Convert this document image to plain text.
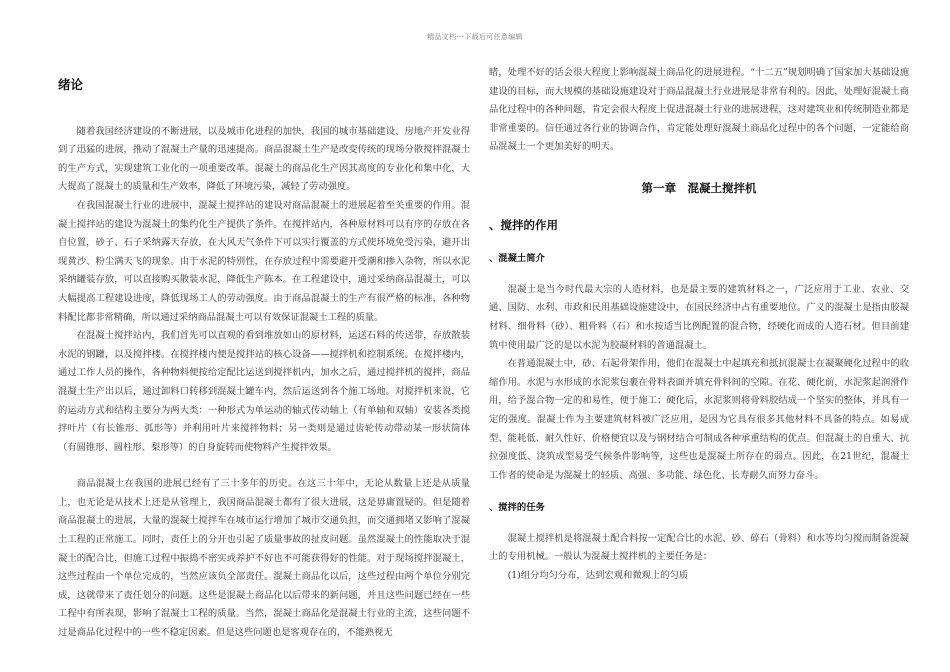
精品文档---下载后可任意编辑
绪论

随着我国经济建设的不断进展，以及城市化进程的加快，我国的城市基础建设、房地产开发业得到了迅猛的进展，推动了混凝土产量的迅速提高。商品混凝土生产是改变传统的现场分散搅拌混凝土的生产方式，实现建筑工业化的一项重要改革。混凝土的商品化生产因其高度的专业化和集中化，大大提高了混凝土的质量和生产效率，降低了环境污染，减轻了劳动强度。

在我国混凝土行业的进展中，混凝土搅拌站的建设对商品混凝土的进展起着至关重要的作用。混凝土搅拌站的建设为混凝土的集约化生产提供了条件。在搅拌站内，各种原材料可以有序的存放在各自位置，砂子、石子采纳露天存放，在大风天气条件下可以实行覆盖的方式使环境免受污染，避开出现黄沙、粉尘满天飞的现象。由于水泥的特别性，在存放过程中需要避开受潮和掺入杂物，所以水泥采纳罐装存放，可以直接购买散装水泥，降低生产陈本。在工程建设中，通过采纳商品混凝土，可以大幅提高工程建设进度，降低现场工人的劳动强度。由于商品混凝土的生产有很严格的标准，各种物料配比都非常精确，所以通过采纳商品混凝土可以有效保证混凝土工程的质量。

在混凝土搅拌站内，我们首先可以直观的看到堆放如山的原材料，运送石料的传送带，存放散装水泥的钢罐，以及搅拌楼。在搅拌楼内便是搅拌站的核心设备——搅拌机和控制系统。在搅拌楼内，通过工作人员的操作，各种物料便按给定配比运送到搅拌机内，加水之后，通过搅拌机的搅拌，商品混凝土生产出以后，通过卸料口转移到混凝土罐车内，然后运送到各个施工场地。对搅拌机来说，它的运动方式和结构主要分为两大类：一种形式为单运动的轴式传动轴上（有单轴和双轴）安装各类搅拌叶片（有长锥形、弧形等）并利用叶片来搅拌物料；另一类则是通过齿轮传动带动某一形状筒体（有圆锥形、圆柱形、梨形等）的自身旋转而使物料产生搅拌效果。

商品混凝土在我国的进展已经有了三十多年的历史。在这三十年中，无论从数量上还是从质量上，也无论是从技术上还是从管理上，我国商品混凝土都有了很大进展，这是毋庸置疑的。但是随着商品混凝土的进展，大量的混凝土搅拌车在城市运行增加了城市交通负担，而交通拥堵又影响了混凝土工程的正常施工。同时，责任上的分开也引起了质量事故的扯皮问题。虽然混凝土的性能取决于混凝土的配合比，但施工过程中振捣不密实或养护不好也不可能获得好的性能。对于现场搅拌混凝土，这些过程由一个单位完成的，当然应该负全部责任。混凝土商品化以后，这些过程由两个单位分别完成，这就带来了责任划分的问题。这些是混凝土商品化以后带来的新问题，并且这些问题已经在一些工程中有所表现，影响了混凝土工程的质量。当然，混凝土商品化是混凝土行业的主流，这些问题不过是商品化过程中的一些不稳定因素。但是这些问题也是客观存在的，不能熟视无

睹，处理不好的话会很大程度上影响混凝土商品化的进展进程。“十二五”规划明确了国家加大基础设施建设的目标，而大规模的基础设施建设对于商品混凝土行业进展是非常有利的。因此，处理好混凝土商品化过程中的各种问题，肯定会很大程度上促进混凝土行业的进展进程，这对建筑业和传统制造业都是非常重要的。信任通过各行业的协调合作，肯定能处理好混凝土商品化过程中的各个问题，一定能给商品混凝土一个更加美好的明天。

第一章　混凝土搅拌机
、搅拌的作用
、混凝土简介

混凝土是当今时代最大宗的人造材料，也是最主要的建筑材料之一，广泛应用于工业、农业、交通、国防、水利、市政和民用基础设施建设中，在国民经济中占有重要地位。广义的混凝土是指由胶凝材料、细骨料（砂）、粗骨料（石）和水按适当比例配置的混合物，经硬化而成的人造石材。但目前建筑中使用最广泛的是以水泥为胶凝材料的普通混凝土。

在普通混凝土中，砂、石起骨架作用，他们在混凝土中起填充和抵抗混凝土在凝聚硬化过程中的收缩作用。水泥与水形成的水泥浆包裹在骨料表面并填充骨料间的空隙。在花、硬化前，水泥浆起润滑作用，给予混合物一定的和易性，便于施工；硬化后，水泥浆则将骨料胶结成一个坚实的整体，并具有一定的强度。混凝土作为主要建筑材料被广泛应用，是因为它具有很多其他材料不具备的特点。如易成型、能耗低、耐久性好、价格便宜以及与钢材结合可制成各种承重结构的优点。但混凝土的自重大、抗拉强度低、浇筑成型易受气候条件影响等，这些也是混凝土所存在的弱点。因此，在21世纪，混凝土工作者的使命是为混凝土的轻质、高强、多功能、绿色化、长寿耐久而努力奋斗。

、搅拌的任务

混凝土搅拌机是将混凝土配合料按一定配合比的水泥、砂、碎石（骨料）和水等均匀搅而制备混凝土的专用机械。一般认为混凝土搅拌机的主要任务是：

(1)组分均匀分布，达到宏观和微观上的匀质
